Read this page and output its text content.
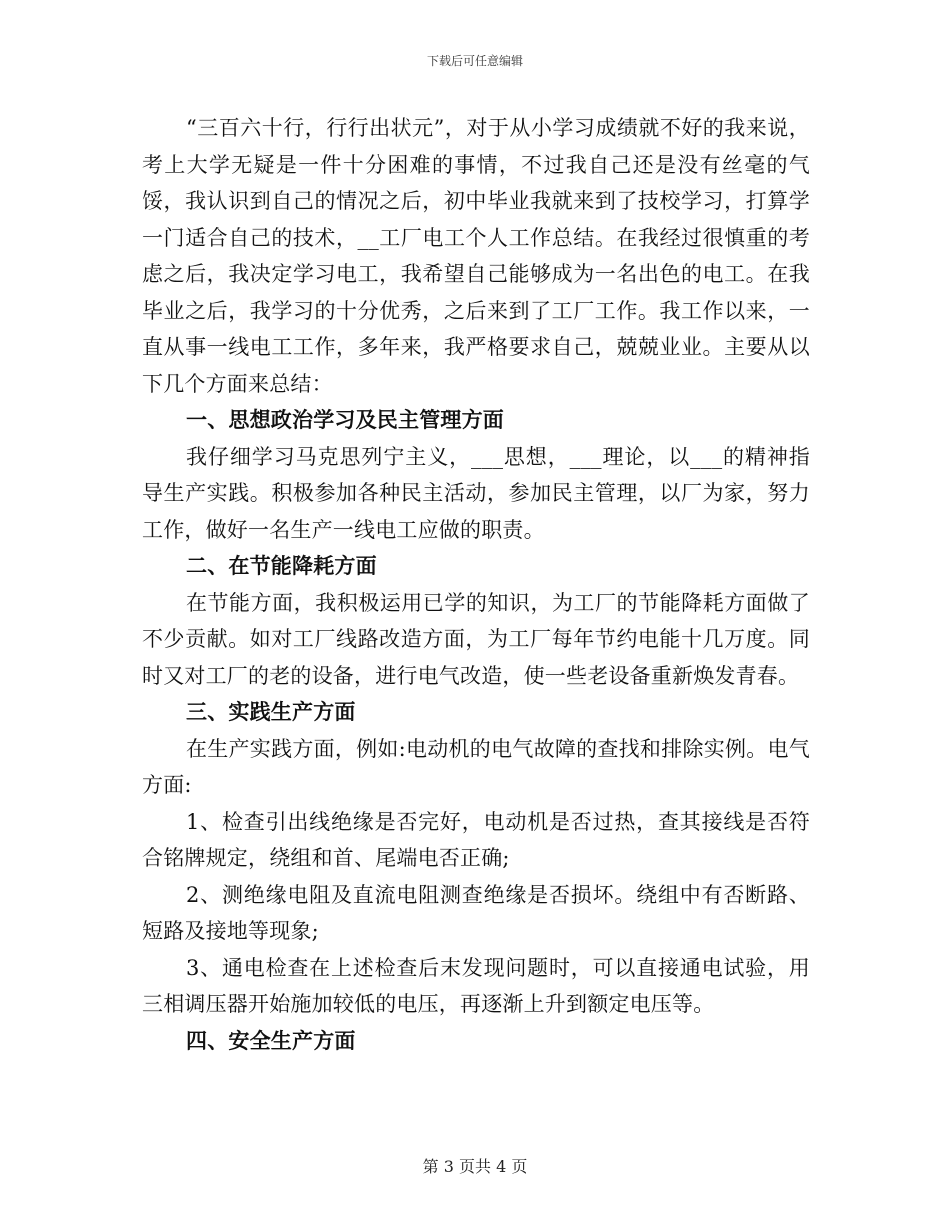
下载后可任意编辑
“三百六十行，行行出状元”，对于从小学习成绩就不好的我来说，考上大学无疑是一件十分困难的事情，不过我自己还是没有丝毫的气馁，我认识到自己的情况之后，初中毕业我就来到了技校学习，打算学一门适合自己的技术，__工厂电工个人工作总结。在我经过很慎重的考虑之后，我决定学习电工，我希望自己能够成为一名出色的电工。在我毕业之后，我学习的十分优秀，之后来到了工厂工作。我工作以来，一直从事一线电工工作，多年来，我严格要求自己，兢兢业业。主要从以下几个方面来总结：
一、思想政治学习及民主管理方面
我仔细学习马克思列宁主义，___思想，___理论，以___的精神指导生产实践。积极参加各种民主活动，参加民主管理，以厂为家，努力工作，做好一名生产一线电工应做的职责。
二、在节能降耗方面
在节能方面，我积极运用已学的知识，为工厂的节能降耗方面做了不少贡献。如对工厂线路改造方面，为工厂每年节约电能十几万度。同时又对工厂的老的设备，进行电气改造，使一些老设备重新焕发青春。
三、实践生产方面
在生产实践方面，例如:电动机的电气故障的查找和排除实例。电气方面:
1、检查引出线绝缘是否完好，电动机是否过热，查其接线是否符合铭牌规定，绕组和首、尾端电否正确;
2、测绝缘电阻及直流电阻测查绝缘是否损坏。绕组中有否断路、短路及接地等现象;
3、通电检查在上述检查后末发现问题时，可以直接通电试验，用三相调压器开始施加较低的电压，再逐渐上升到额定电压等。
四、安全生产方面
第 3 页共 4 页
